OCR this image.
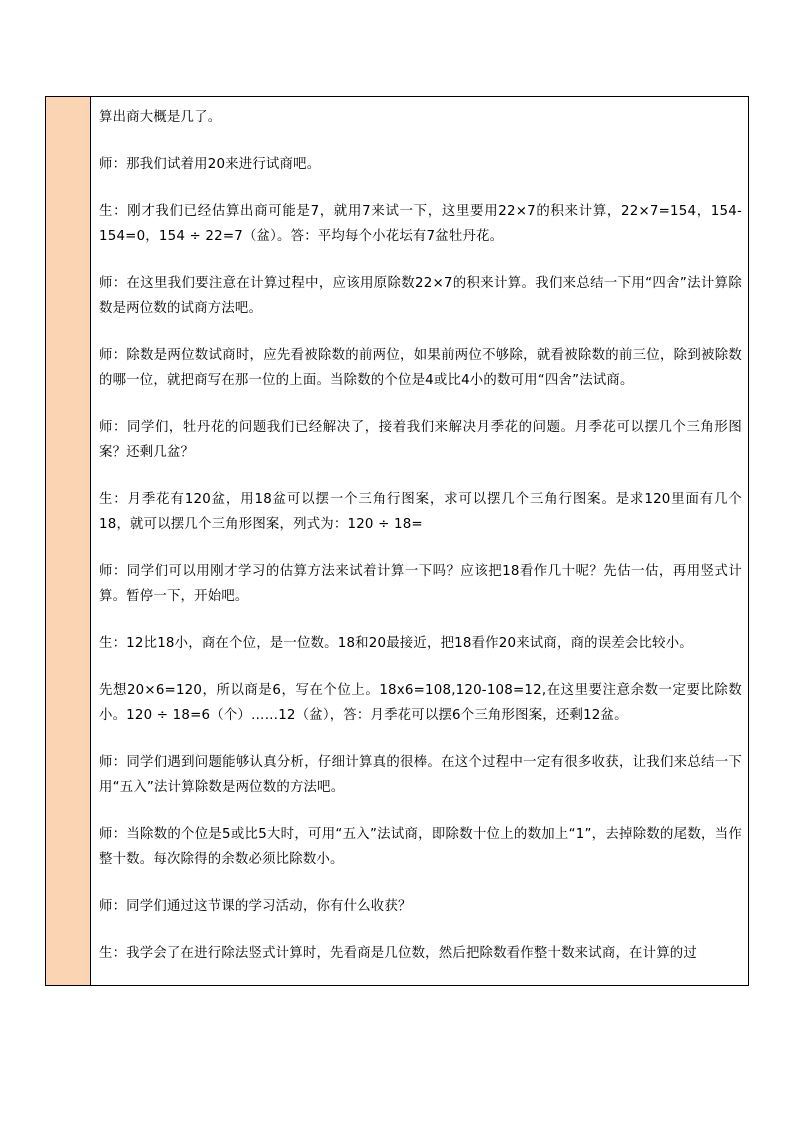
算出商大概是几了。

师：那我们试着用20来进行试商吧。

生：刚才我们已经估算出商可能是7，就用7来试一下，这里要用22×7的积来计算，22×7=154，154-154=0，154 ÷ 22=7（盆）。答：平均每个小花坛有7盆牡丹花。

师：在这里我们要注意在计算过程中，应该用原除数22×7的积来计算。我们来总结一下用“四舍”法计算除数是两位数的试商方法吧。

师：除数是两位数试商时，应先看被除数的前两位，如果前两位不够除，就看被除数的前三位，除到被除数的哪一位，就把商写在那一位的上面。当除数的个位是4或比4小的数可用“四舍”法试商。

师：同学们，牡丹花的问题我们已经解决了，接着我们来解决月季花的问题。月季花可以摆几个三角形图案？还剩几盆？

生：月季花有120盆，用18盆可以摆一个三角行图案，求可以摆几个三角行图案。是求120里面有几个18，就可以摆几个三角形图案，列式为：120 ÷ 18=

师：同学们可以用刚才学习的估算方法来试着计算一下吗？应该把18看作几十呢？先估一估，再用竖式计算。暂停一下，开始吧。

生：12比18小，商在个位，是一位数。18和20最接近，把18看作20来试商，商的误差会比较小。

先想20×6=120，所以商是6，写在个位上。18x6=108,120-108=12,在这里要注意余数一定要比除数小。120 ÷ 18=6（个）……12（盆），答：月季花可以摆6个三角形图案，还剩12盆。

师：同学们遇到问题能够认真分析，仔细计算真的很棒。在这个过程中一定有很多收获，让我们来总结一下用“五入”法计算除数是两位数的方法吧。

师：当除数的个位是5或比5大时，可用“五入”法试商，即除数十位上的数加上“1”，去掉除数的尾数，当作整十数。每次除得的余数必须比除数小。

师：同学们通过这节课的学习活动，你有什么收获？

生：我学会了在进行除法竖式计算时，先看商是几位数，然后把除数看作整十数来试商，在计算的过
